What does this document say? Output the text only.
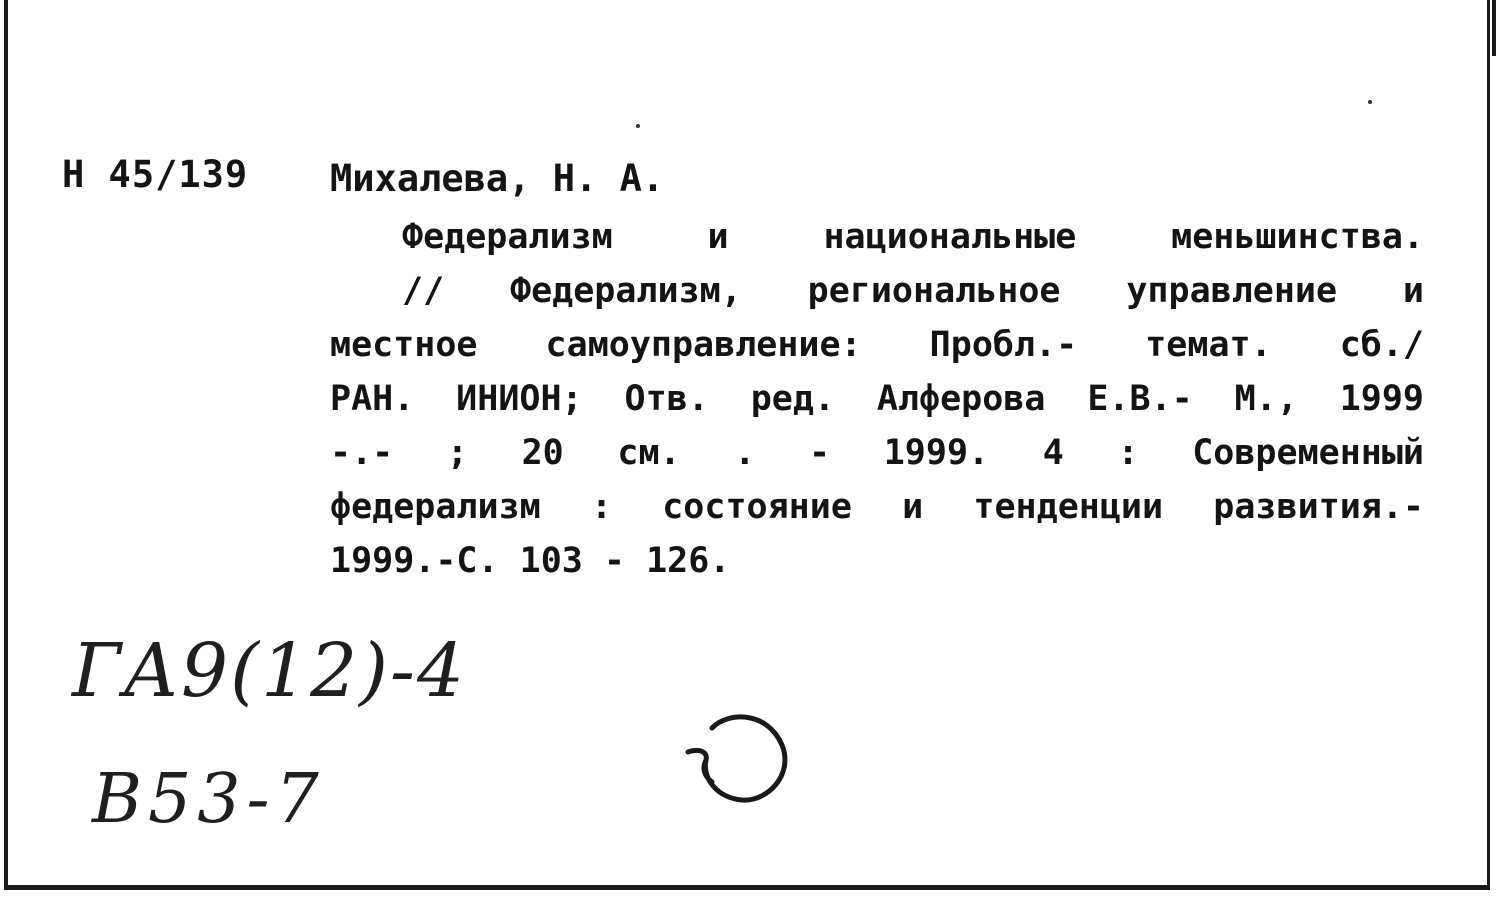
Н 45/139 Михалева, Н. А.
Федерализм и национальные меньшинства.
// Федерализм, региональное управление и
местное самоуправление: Пробл.- темат. сб./
РАН. ИНИОН; Отв. ред. Алферова Е.В.- М., 1999
-.- ; 20 см. . - 1999. 4 : Современный
федерализм : состояние и тенденции развития.-
1999.-С. 103 - 126.
ГА9(12)-4
В53-7
